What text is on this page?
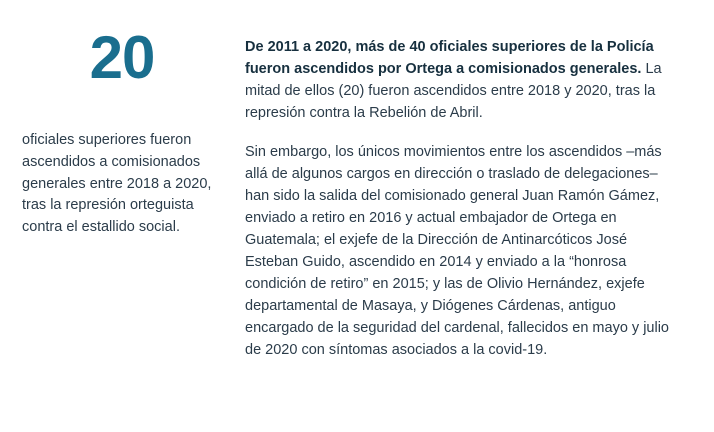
20
oficiales superiores fueron ascendidos a comisionados generales entre 2018 a 2020, tras la represión orteguista contra el estallido social.

De 2011 a 2020, más de 40 oficiales superiores de la Policía fueron ascendidos por Ortega a comisionados generales. La mitad de ellos (20) fueron ascendidos entre 2018 y 2020, tras la represión contra la Rebelión de Abril.

Sin embargo, los únicos movimientos entre los ascendidos –más allá de algunos cargos en dirección o traslado de delegaciones– han sido la salida del comisionado general Juan Ramón Gámez, enviado a retiro en 2016 y actual embajador de Ortega en Guatemala; el exjefe de la Dirección de Antinarcóticos José Esteban Guido, ascendido en 2014 y enviado a la “honrosa condición de retiro” en 2015; y las de Olivio Hernández, exjefe departamental de Masaya, y Diógenes Cárdenas, antiguo encargado de la seguridad del cardenal, fallecidos en mayo y julio de 2020 con síntomas asociados a la covid-19.
